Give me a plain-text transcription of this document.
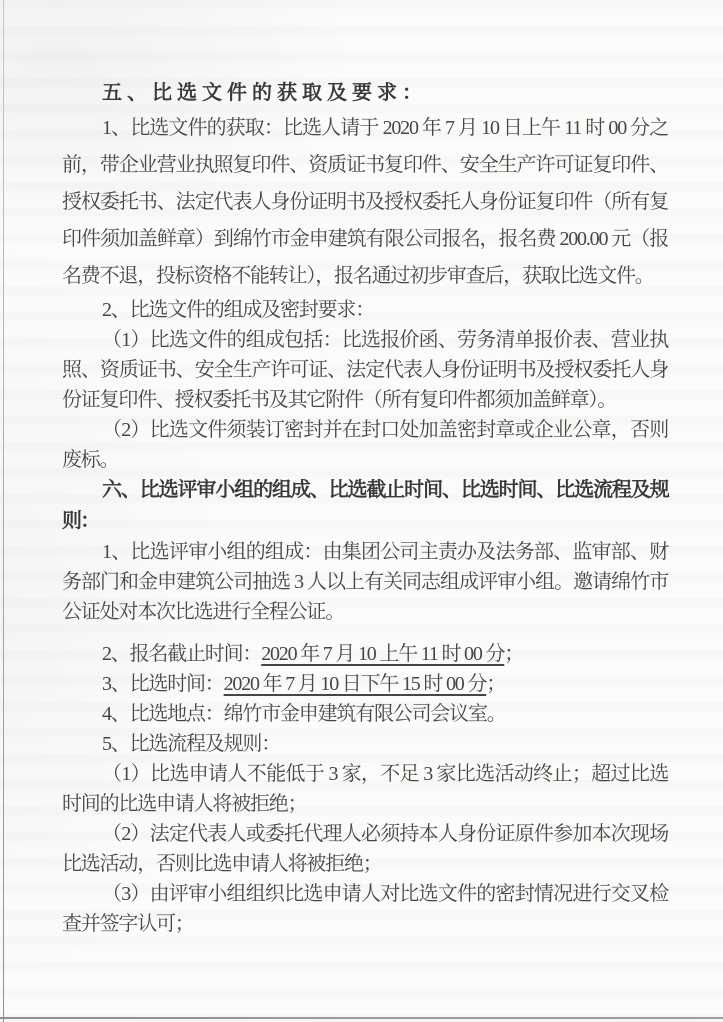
五、比选文件的获取及要求：

1、比选文件的获取：比选人请于 2020 年 7 月 10 日上午 11 时 00 分之前，带企业营业执照复印件、资质证书复印件、安全生产许可证复印件、授权委托书、法定代表人身份证明书及授权委托人身份证复印件（所有复印件须加盖鲜章）到绵竹市金申建筑有限公司报名，报名费 200.00 元（报名费不退，投标资格不能转让），报名通过初步审查后，获取比选文件。

2、比选文件的组成及密封要求：

（1）比选文件的组成包括：比选报价函、劳务清单报价表、营业执照、资质证书、安全生产许可证、法定代表人身份证明书及授权委托人身份证复印件、授权委托书及其它附件（所有复印件都须加盖鲜章）。

（2）比选文件须装订密封并在封口处加盖密封章或企业公章，否则废标。

六、比选评审小组的组成、比选截止时间、比选时间、比选流程及规则：

1、比选评审小组的组成：由集团公司主责办及法务部、监审部、财务部门和金申建筑公司抽选 3 人以上有关同志组成评审小组。邀请绵竹市公证处对本次比选进行全程公证。

2、报名截止时间：2020 年 7 月 10 上午 11 时 00 分；

3、比选时间：2020 年 7 月 10 日下午 15 时 00 分；

4、比选地点：绵竹市金申建筑有限公司会议室。

5、比选流程及规则：

（1）比选申请人不能低于 3 家，不足 3 家比选活动终止；超过比选时间的比选申请人将被拒绝；

（2）法定代表人或委托代理人必须持本人身份证原件参加本次现场比选活动，否则比选申请人将被拒绝；

（3）由评审小组组织比选申请人对比选文件的密封情况进行交叉检查并签字认可；
